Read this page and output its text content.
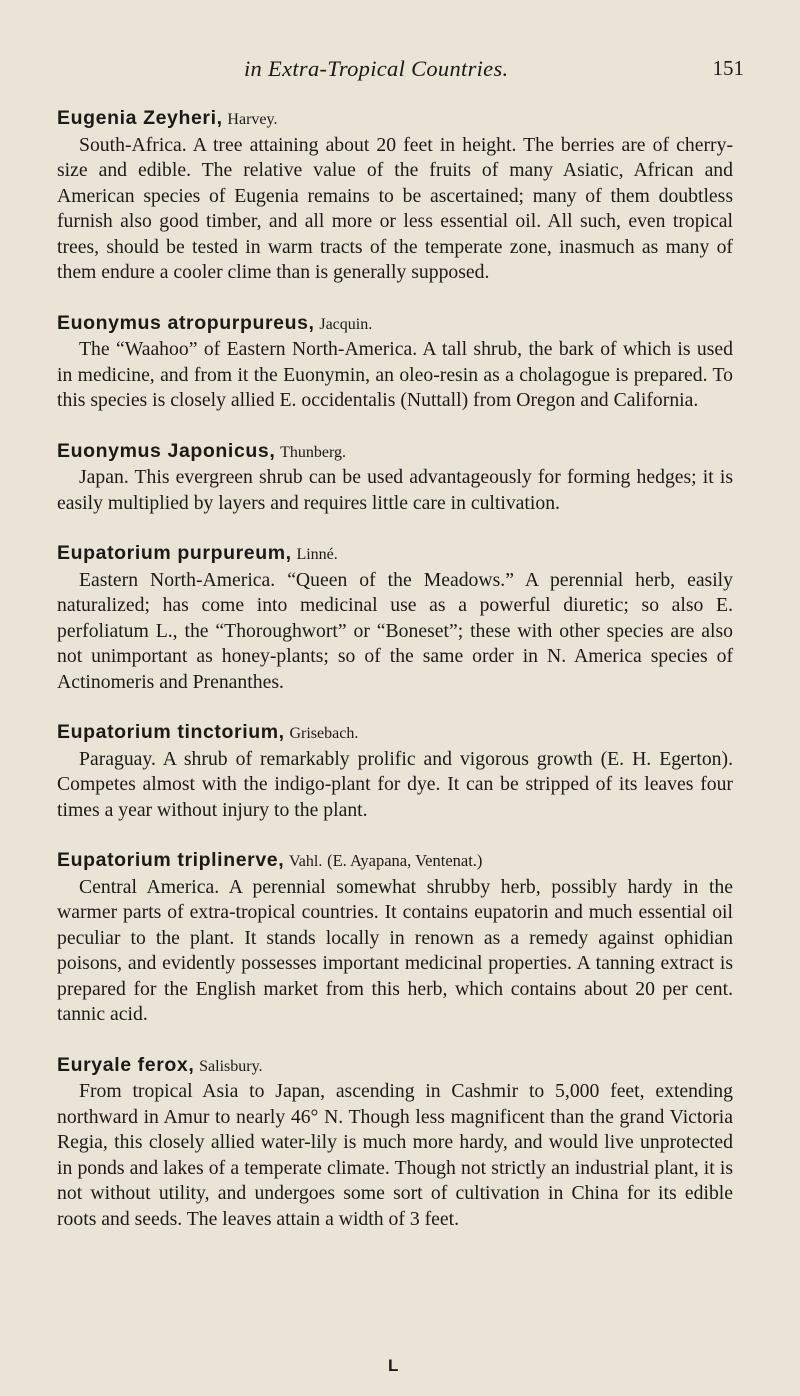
in Extra-Tropical Countries.	151
Eugenia Zeyheri, Harvey.

South-Africa. A tree attaining about 20 feet in height. The berries are of cherry-size and edible. The relative value of the fruits of many Asiatic, African and American species of Eugenia remains to be ascertained; many of them doubtless furnish also good timber, and all more or less essential oil. All such, even tropical trees, should be tested in warm tracts of the temperate zone, inasmuch as many of them endure a cooler clime than is generally supposed.

Euonymus atropurpureus, Jacquin.

The “Waahoo” of Eastern North-America. A tall shrub, the bark of which is used in medicine, and from it the Euonymin, an oleo-resin as a cholagogue is prepared. To this species is closely allied E. occidentalis (Nuttall) from Oregon and California.

Euonymus Japonicus, Thunberg.

Japan. This evergreen shrub can be used advantageously for forming hedges; it is easily multiplied by layers and requires little care in cultivation.

Eupatorium purpureum, Linné.

Eastern North-America. “Queen of the Meadows.” A perennial herb, easily naturalized; has come into medicinal use as a powerful diuretic; so also E. perfoliatum L., the “Thoroughwort” or “Boneset”; these with other species are also not unimportant as honey-plants; so of the same order in N. America species of Actinomeris and Prenanthes.

Eupatorium tinctorium, Grisebach.

Paraguay. A shrub of remarkably prolific and vigorous growth (E. H. Egerton). Competes almost with the indigo-plant for dye. It can be stripped of its leaves four times a year without injury to the plant.

Eupatorium triplinerve, Vahl. (E. Ayapana, Ventenat.)

Central America. A perennial somewhat shrubby herb, possibly hardy in the warmer parts of extra-tropical countries. It contains eupatorin and much essential oil peculiar to the plant. It stands locally in renown as a remedy against ophidian poisons, and evidently possesses important medicinal properties. A tanning extract is prepared for the English market from this herb, which contains about 20 per cent. tannic acid.

Euryale ferox, Salisbury.

From tropical Asia to Japan, ascending in Cashmir to 5,000 feet, extending northward in Amur to nearly 46° N. Though less magnificent than the grand Victoria Regia, this closely allied water-lily is much more hardy, and would live unprotected in ponds and lakes of a temperate climate. Though not strictly an industrial plant, it is not without utility, and undergoes some sort of cultivation in China for its edible roots and seeds. The leaves attain a width of 3 feet.

L
